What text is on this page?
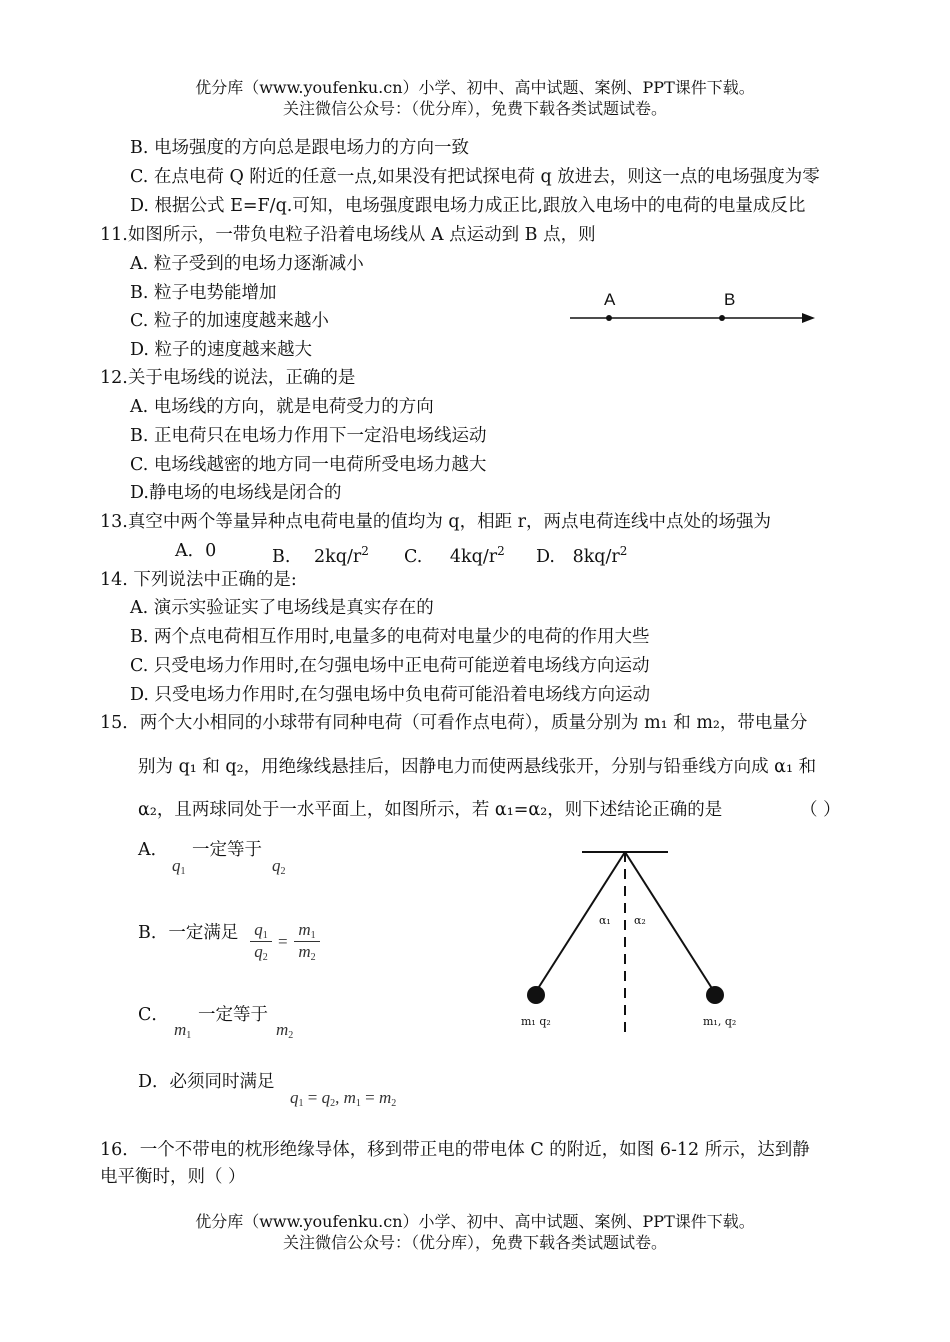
优分库（www.youfenku.cn）小学、初中、高中试题、案例、PPT课件下载。
关注微信公众号：（优分库），免费下载各类试题试卷。
B. 电场强度的方向总是跟电场力的方向一致
C. 在点电荷 Q 附近的任意一点,如果没有把试探电荷 q 放进去，则这一点的电场强度为零
D. 根据公式 E=F/q.可知，电场强度跟电场力成正比,跟放入电场中的电荷的电量成反比
11.如图所示，一带负电粒子沿着电场线从 A 点运动到 B 点，则
A. 粒子受到的电场力逐渐减小
B. 粒子电势能增加
C. 粒子的加速度越来越小
D. 粒子的速度越来越大
A	B
12.关于电场线的说法，正确的是
A. 电场线的方向，就是电荷受力的方向
B. 正电荷只在电场力作用下一定沿电场线运动
C. 电场线越密的地方同一电荷所受电场力越大
D.静电场的电场线是闭合的
13.真空中两个等量异种点电荷电量的值均为 q，相距 r，两点电荷连线中点处的场强为
A．0	B. $2kq/r^2$ C. $4kq/r^2$ D. $8kq/r^2$
14. 下列说法中正确的是:
A. 演示实验证实了电场线是真实存在的
B. 两个点电荷相互作用时,电量多的电荷对电量少的电荷的作用大些
C. 只受电场力作用时,在匀强电场中正电荷可能逆着电场线方向运动
D. 只受电场力作用时,在匀强电场中负电荷可能沿着电场线方向运动
15．两个大小相同的小球带有同种电荷（可看作点电荷），质量分别为 m₁ 和 m₂，带电量分
别为 q₁ 和 q₂，用绝缘线悬挂后，因静电力而使两悬线张开，分别与铅垂线方向成 α₁ 和
α₂，且两球同处于一水平面上，如图所示，若 α₁=α₂，则下述结论正确的是	（ ）
A． 一定等于
$q_1$	$q_2$
B．一定满足 $\frac{q_1}{q_2} = \frac{m_1}{m_2}$
C． 一定等于
$m_1$	$m_2$
D．必须同时满足
$q_1 = q_2$, $m_1 = m_2$
α₁ α₂
m₁ q₂	m₁, q₂
16．一个不带电的枕形绝缘导体，移到带正电的带电体 C 的附近，如图 6-12 所示，达到静
电平衡时，则（ ）
优分库（www.youfenku.cn）小学、初中、高中试题、案例、PPT课件下载。
关注微信公众号：（优分库），免费下载各类试题试卷。
